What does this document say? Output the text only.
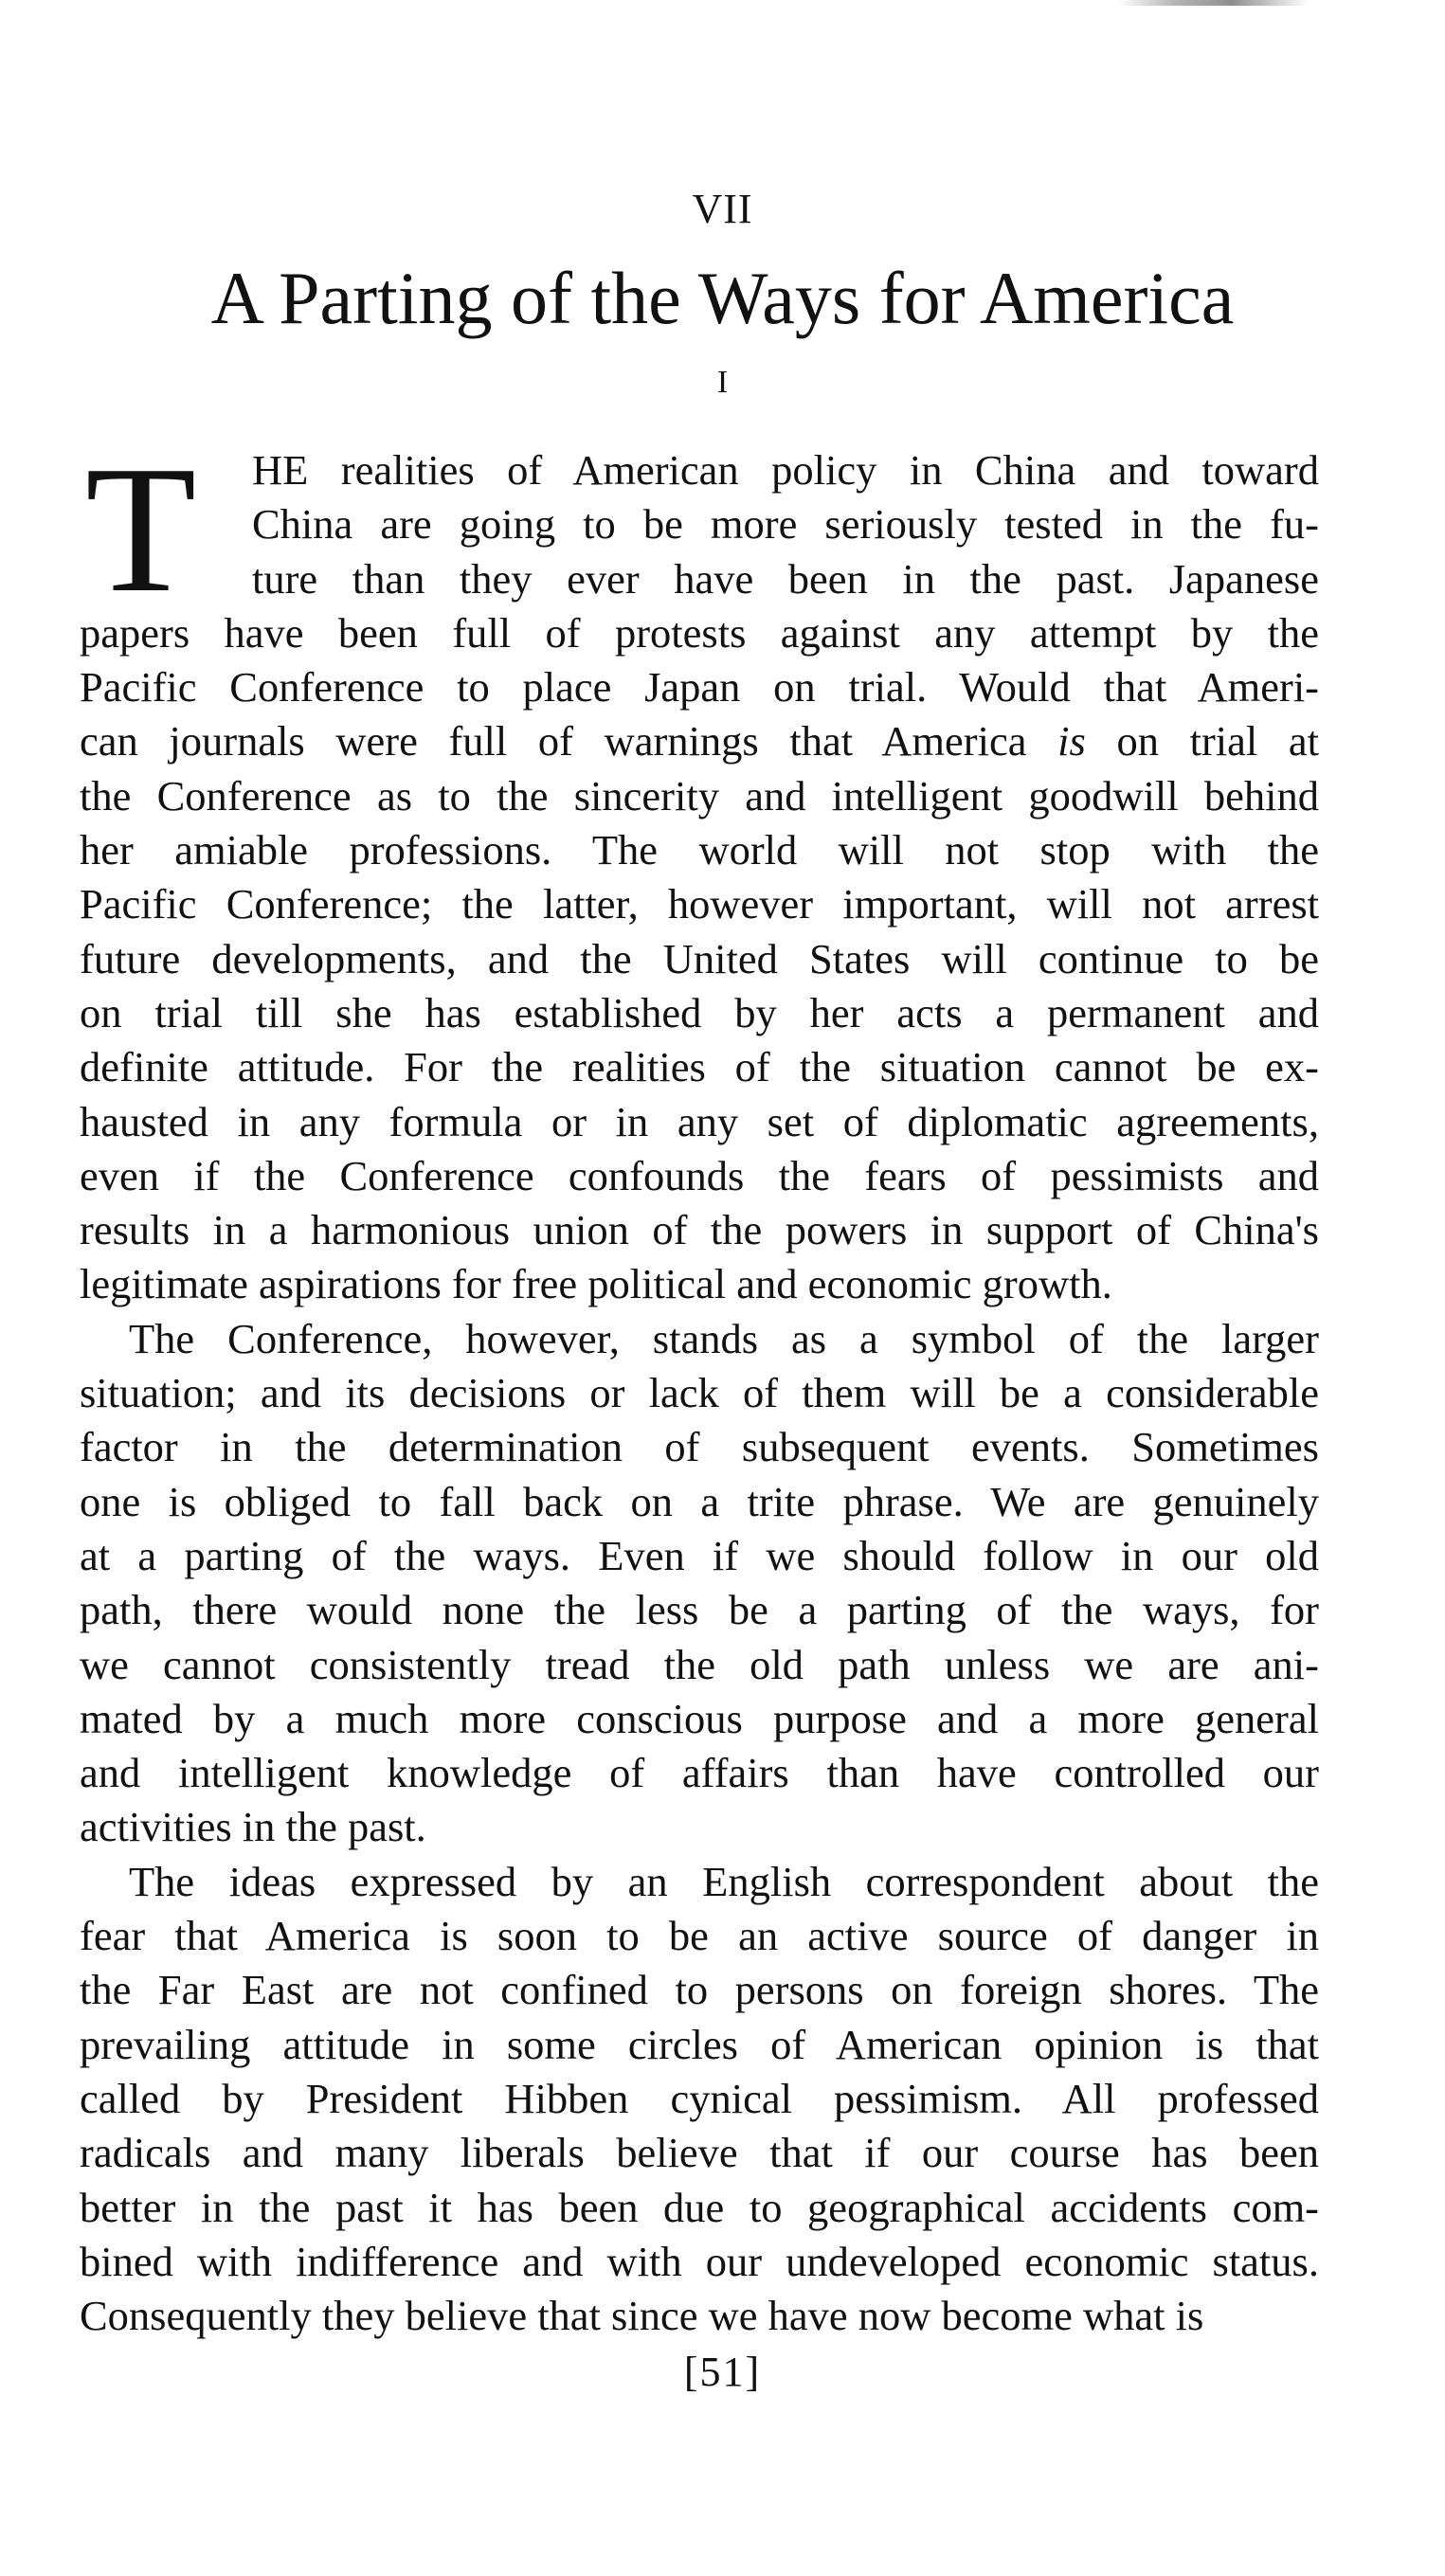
VII
A Parting of the Ways for America
I
T	HE realities of American policy in China and toward
China are going to be more seriously tested in the fu-
ture than they ever have been in the past. Japanese
papers have been full of protests against any attempt by the
Pacific Conference to place Japan on trial. Would that Ameri-
can journals were full of warnings that America is on trial at
the Conference as to the sincerity and intelligent goodwill behind
her amiable professions. The world will not stop with the
Pacific Conference; the latter, however important, will not arrest
future developments, and the United States will continue to be
on trial till she has established by her acts a permanent and
definite attitude. For the realities of the situation cannot be ex-
hausted in any formula or in any set of diplomatic agreements,
even if the Conference confounds the fears of pessimists and
results in a harmonious union of the powers in support of China's
legitimate aspirations for free political and economic growth.
The Conference, however, stands as a symbol of the larger
situation; and its decisions or lack of them will be a considerable
factor in the determination of subsequent events. Sometimes
one is obliged to fall back on a trite phrase. We are genuinely
at a parting of the ways. Even if we should follow in our old
path, there would none the less be a parting of the ways, for
we cannot consistently tread the old path unless we are ani-
mated by a much more conscious purpose and a more general
and intelligent knowledge of affairs than have controlled our
activities in the past.
The ideas expressed by an English correspondent about the
fear that America is soon to be an active source of danger in
the Far East are not confined to persons on foreign shores. The
prevailing attitude in some circles of American opinion is that
called by President Hibben cynical pessimism. All professed
radicals and many liberals believe that if our course has been
better in the past it has been due to geographical accidents com-
bined with indifference and with our undeveloped economic status.
Consequently they believe that since we have now become what is
[51]
